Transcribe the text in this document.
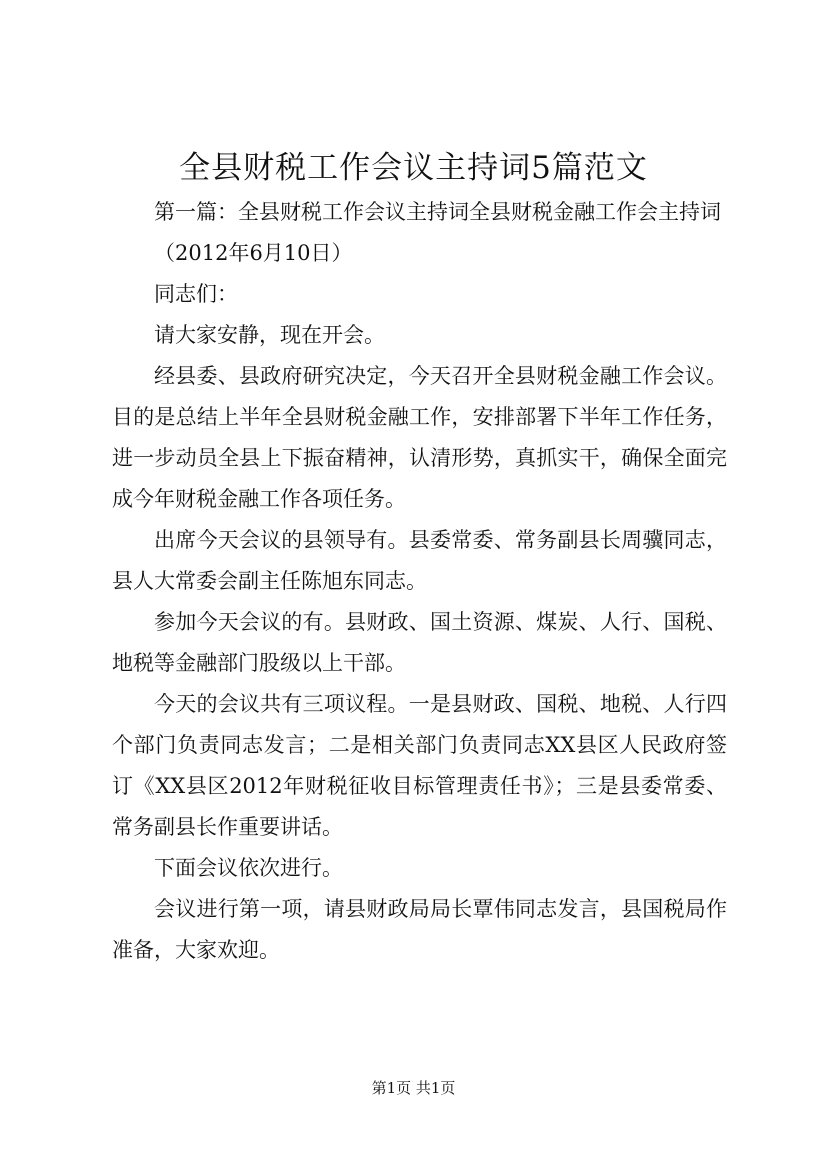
全县财税工作会议主持词5篇范文

第一篇：全县财税工作会议主持词全县财税金融工作会主持词

（2012年6月10日）

同志们：

请大家安静，现在开会。

经县委、县政府研究决定，今天召开全县财税金融工作会议。目的是总结上半年全县财税金融工作，安排部署下半年工作任务，进一步动员全县上下振奋精神，认清形势，真抓实干，确保全面完成今年财税金融工作各项任务。

出席今天会议的县领导有。县委常委、常务副县长周骥同志，县人大常委会副主任陈旭东同志。

参加今天会议的有。县财政、国土资源、煤炭、人行、国税、地税等金融部门股级以上干部。

今天的会议共有三项议程。一是县财政、国税、地税、人行四个部门负责同志发言；二是相关部门负责同志XX县区人民政府签订《XX县区2012年财税征收目标管理责任书》；三是县委常委、常务副县长作重要讲话。

下面会议依次进行。

会议进行第一项，请县财政局局长覃伟同志发言，县国税局作准备，大家欢迎。

第1页 共1页
